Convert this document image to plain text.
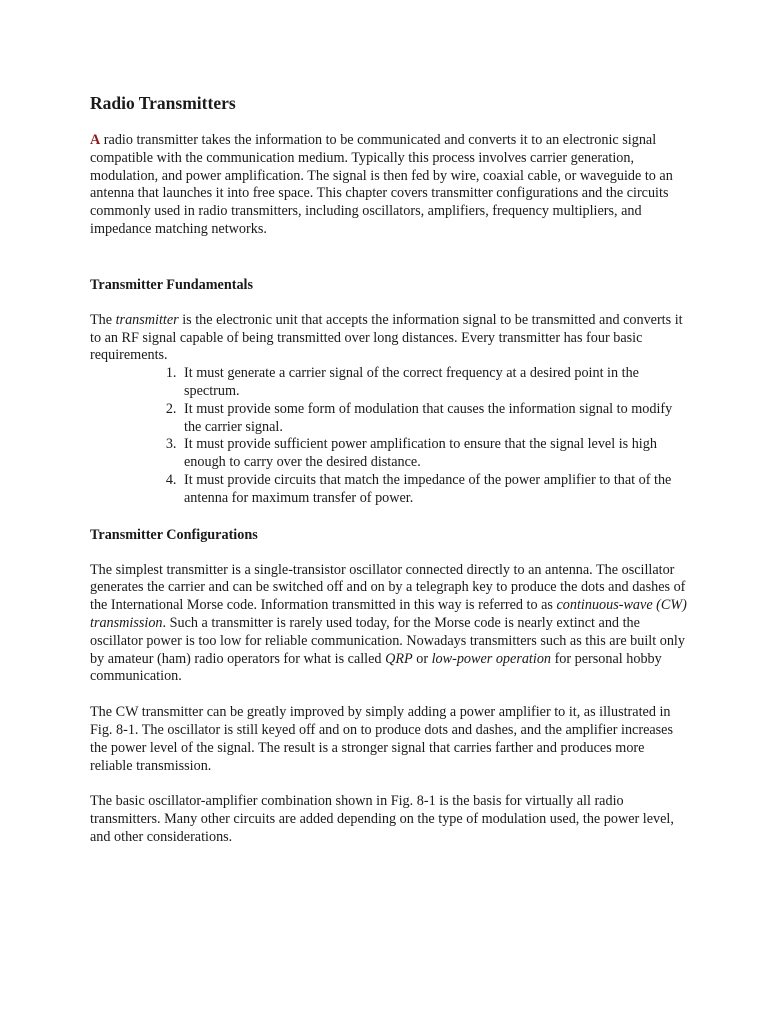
Radio Transmitters

A radio transmitter takes the information to be communicated and converts it to an electronic signal compatible with the communication medium. Typically this process involves carrier generation, modulation, and power amplification. The signal is then fed by wire, coaxial cable, or waveguide to an antenna that launches it into free space. This chapter covers transmitter configurations and the circuits commonly used in radio transmitters, including oscillators, amplifiers, frequency multipliers, and impedance matching networks.

Transmitter Fundamentals

The transmitter is the electronic unit that accepts the information signal to be transmitted and converts it to an RF signal capable of being transmitted over long distances. Every transmitter has four basic requirements.

1. It must generate a carrier signal of the correct frequency at a desired point in the spectrum.
2. It must provide some form of modulation that causes the information signal to modify the carrier signal.
3. It must provide sufficient power amplification to ensure that the signal level is high enough to carry over the desired distance.
4. It must provide circuits that match the impedance of the power amplifier to that of the antenna for maximum transfer of power.
Transmitter Configurations

The simplest transmitter is a single-transistor oscillator connected directly to an antenna. The oscillator generates the carrier and can be switched off and on by a telegraph key to produce the dots and dashes of the International Morse code. Information transmitted in this way is referred to as continuous-wave (CW) transmission. Such a transmitter is rarely used today, for the Morse code is nearly extinct and the oscillator power is too low for reliable communication. Nowadays transmitters such as this are built only by amateur (ham) radio operators for what is called QRP or low-power operation for personal hobby communication.

The CW transmitter can be greatly improved by simply adding a power amplifier to it, as illustrated in Fig. 8-1. The oscillator is still keyed off and on to produce dots and dashes, and the amplifier increases the power level of the signal. The result is a stronger signal that carries farther and produces more reliable transmission.

The basic oscillator-amplifier combination shown in Fig. 8-1 is the basis for virtually all radio transmitters. Many other circuits are added depending on the type of modulation used, the power level, and other considerations.
